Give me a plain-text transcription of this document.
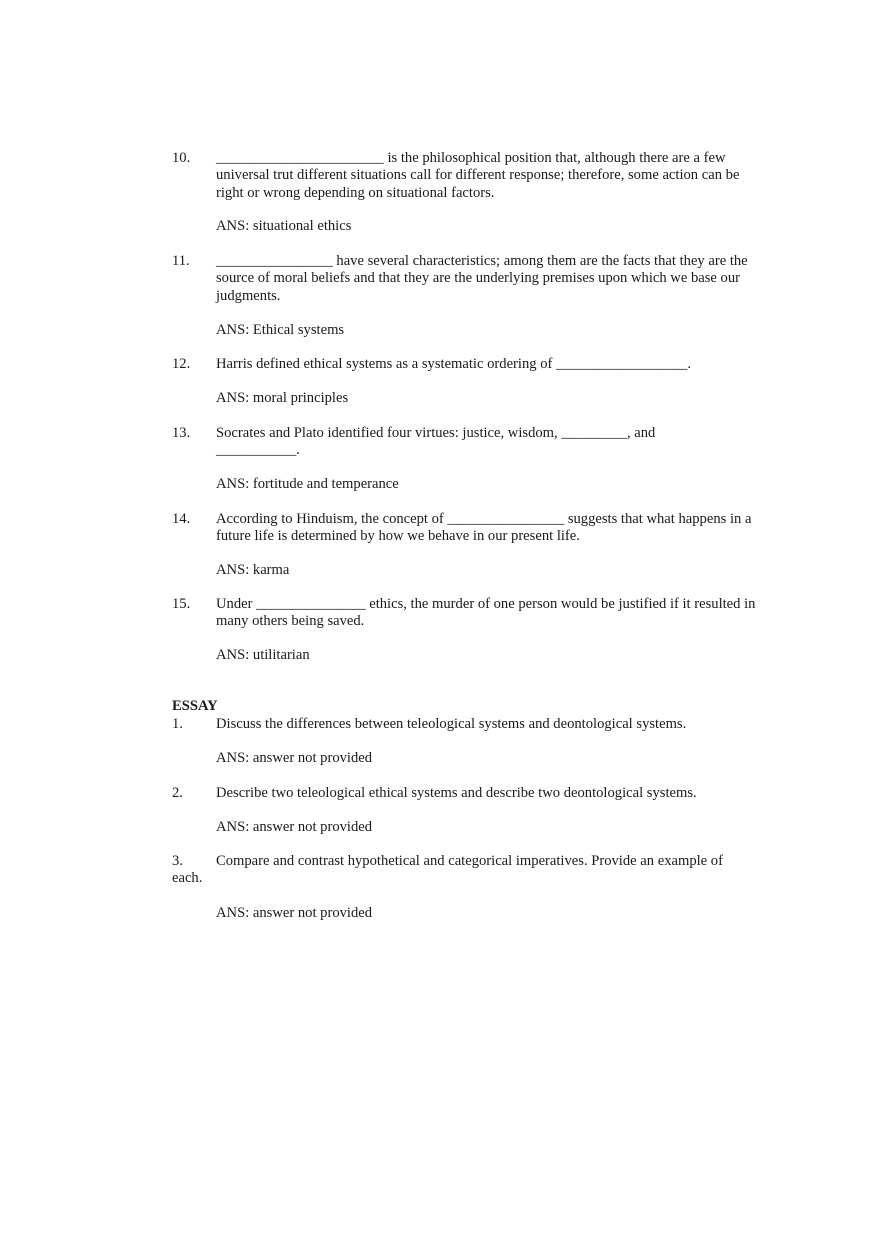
10. _______________________ is the philosophical position that, although there are a few universal trut different situations call for different response; therefore, some action can be right or wrong depending on situational factors.
ANS: situational ethics
11. ________________ have several characteristics; among them are the facts that they are the source of moral beliefs and that they are the underlying premises upon which we base our judgments.
ANS: Ethical systems
12. Harris defined ethical systems as a systematic ordering of __________________.
ANS: moral principles
13. Socrates and Plato identified four virtues: justice, wisdom, _________, and ___________.
ANS: fortitude and temperance
14. According to Hinduism, the concept of ________________ suggests that what happens in a future life is determined by how we behave in our present life.
ANS: karma
15. Under _______________ ethics, the murder of one person would be justified if it resulted in many others being saved.
ANS: utilitarian
ESSAY
1. Discuss the differences between teleological systems and deontological systems.
ANS: answer not provided
2. Describe two teleological ethical systems and describe two deontological systems.
ANS: answer not provided
3. Compare and contrast hypothetical and categorical imperatives. Provide an example of each.
ANS: answer not provided
